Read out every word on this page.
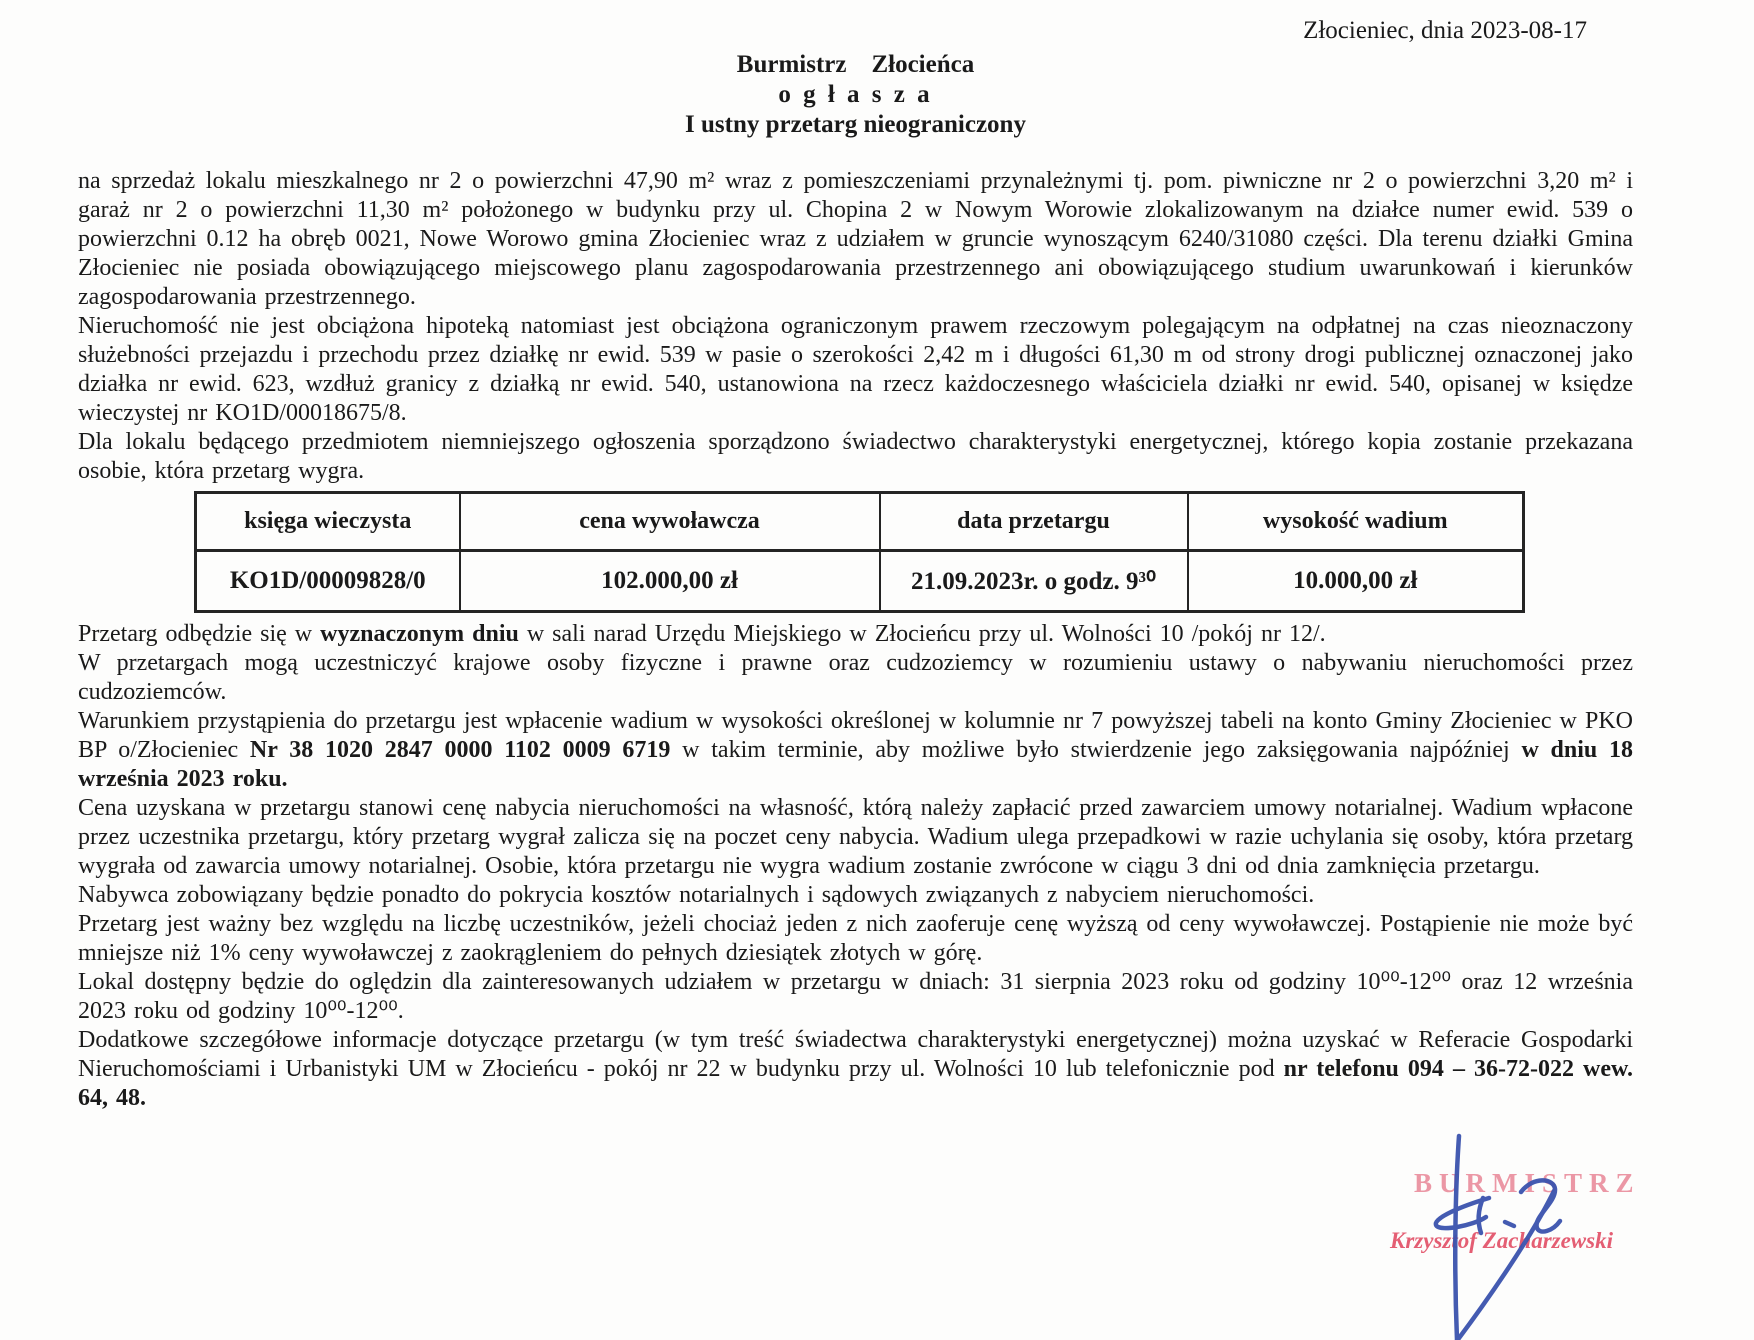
Złocieniec, dnia 2023-08-17
Burmistrz    Złocieńca
o g ł a s z a
I ustny przetarg nieograniczony

na sprzedaż lokalu mieszkalnego nr 2 o powierzchni 47,90 m² wraz z pomieszczeniami przynależnymi tj. pom. piwniczne nr 2 o powierzchni 3,20 m² i garaż nr 2 o powierzchni 11,30 m² położonego w budynku przy ul. Chopina 2 w Nowym Worowie zlokalizowanym na działce numer ewid. 539 o powierzchni 0.12 ha obręb 0021, Nowe Worowo gmina Złocieniec wraz z udziałem w gruncie wynoszącym 6240/31080 części. Dla terenu działki Gmina Złocieniec nie posiada obowiązującego miejscowego planu zagospodarowania przestrzennego ani obowiązującego studium uwarunkowań i kierunków zagospodarowania przestrzennego.

Nieruchomość nie jest obciążona hipoteką natomiast jest obciążona ograniczonym prawem rzeczowym polegającym na odpłatnej na czas nieoznaczony służebności przejazdu i przechodu przez działkę nr ewid. 539 w pasie o szerokości 2,42 m i długości 61,30 m od strony drogi publicznej oznaczonej jako działka nr ewid. 623, wzdłuż granicy z działką nr ewid. 540, ustanowiona na rzecz każdoczesnego właściciela działki nr ewid. 540, opisanej w księdze wieczystej nr KO1D/00018675/8.

Dla lokalu będącego przedmiotem niemniejszego ogłoszenia sporządzono świadectwo charakterystyki energetycznej, którego kopia zostanie przekazana osobie, która przetarg wygra.

księga wieczysta	cena wywoławcza	data przetargu	wysokość wadium
KO1D/00009828/0	102.000,00 zł	21.09.2023r. o godz. 9³⁰	10.000,00 zł

Przetarg odbędzie się w wyznaczonym dniu w sali narad Urzędu Miejskiego w Złocieńcu przy ul. Wolności 10 /pokój nr 12/.

W przetargach mogą uczestniczyć krajowe osoby fizyczne i prawne oraz cudzoziemcy w rozumieniu ustawy o nabywaniu nieruchomości przez cudzoziemców.

Warunkiem przystąpienia do przetargu jest wpłacenie wadium w wysokości określonej w kolumnie nr 7 powyższej tabeli na konto Gminy Złocieniec w PKO BP o/Złocieniec Nr 38 1020 2847 0000 1102 0009 6719 w takim terminie, aby możliwe było stwierdzenie jego zaksięgowania najpóźniej w dniu 18 września 2023 roku.

Cena uzyskana w przetargu stanowi cenę nabycia nieruchomości na własność, którą należy zapłacić przed zawarciem umowy notarialnej. Wadium wpłacone przez uczestnika przetargu, który przetarg wygrał zalicza się na poczet ceny nabycia. Wadium ulega przepadkowi w razie uchylania się osoby, która przetarg wygrała od zawarcia umowy notarialnej. Osobie, która przetargu nie wygra wadium zostanie zwrócone w ciągu 3 dni od dnia zamknięcia przetargu.

Nabywca zobowiązany będzie ponadto do pokrycia kosztów notarialnych i sądowych związanych z nabyciem nieruchomości.

Przetarg jest ważny bez względu na liczbę uczestników, jeżeli chociaż jeden z nich zaoferuje cenę wyższą od ceny wywoławczej. Postąpienie nie może być mniejsze niż 1% ceny wywoławczej z zaokrągleniem do pełnych dziesiątek złotych w górę.

Lokal dostępny będzie do oględzin dla zainteresowanych udziałem w przetargu w dniach: 31 sierpnia 2023 roku od godziny 10⁰⁰-12⁰⁰ oraz 12 września 2023 roku od godziny 10⁰⁰-12⁰⁰.

Dodatkowe szczegółowe informacje dotyczące przetargu (w tym treść świadectwa charakterystyki energetycznej) można uzyskać w Referacie Gospodarki Nieruchomościami i Urbanistyki UM w Złocieńcu - pokój nr 22 w budynku przy ul. Wolności 10 lub telefonicznie pod nr telefonu 094 – 36-72-022 wew. 64, 48.

BURMISTRZ
Krzysztof Zacharzewski
